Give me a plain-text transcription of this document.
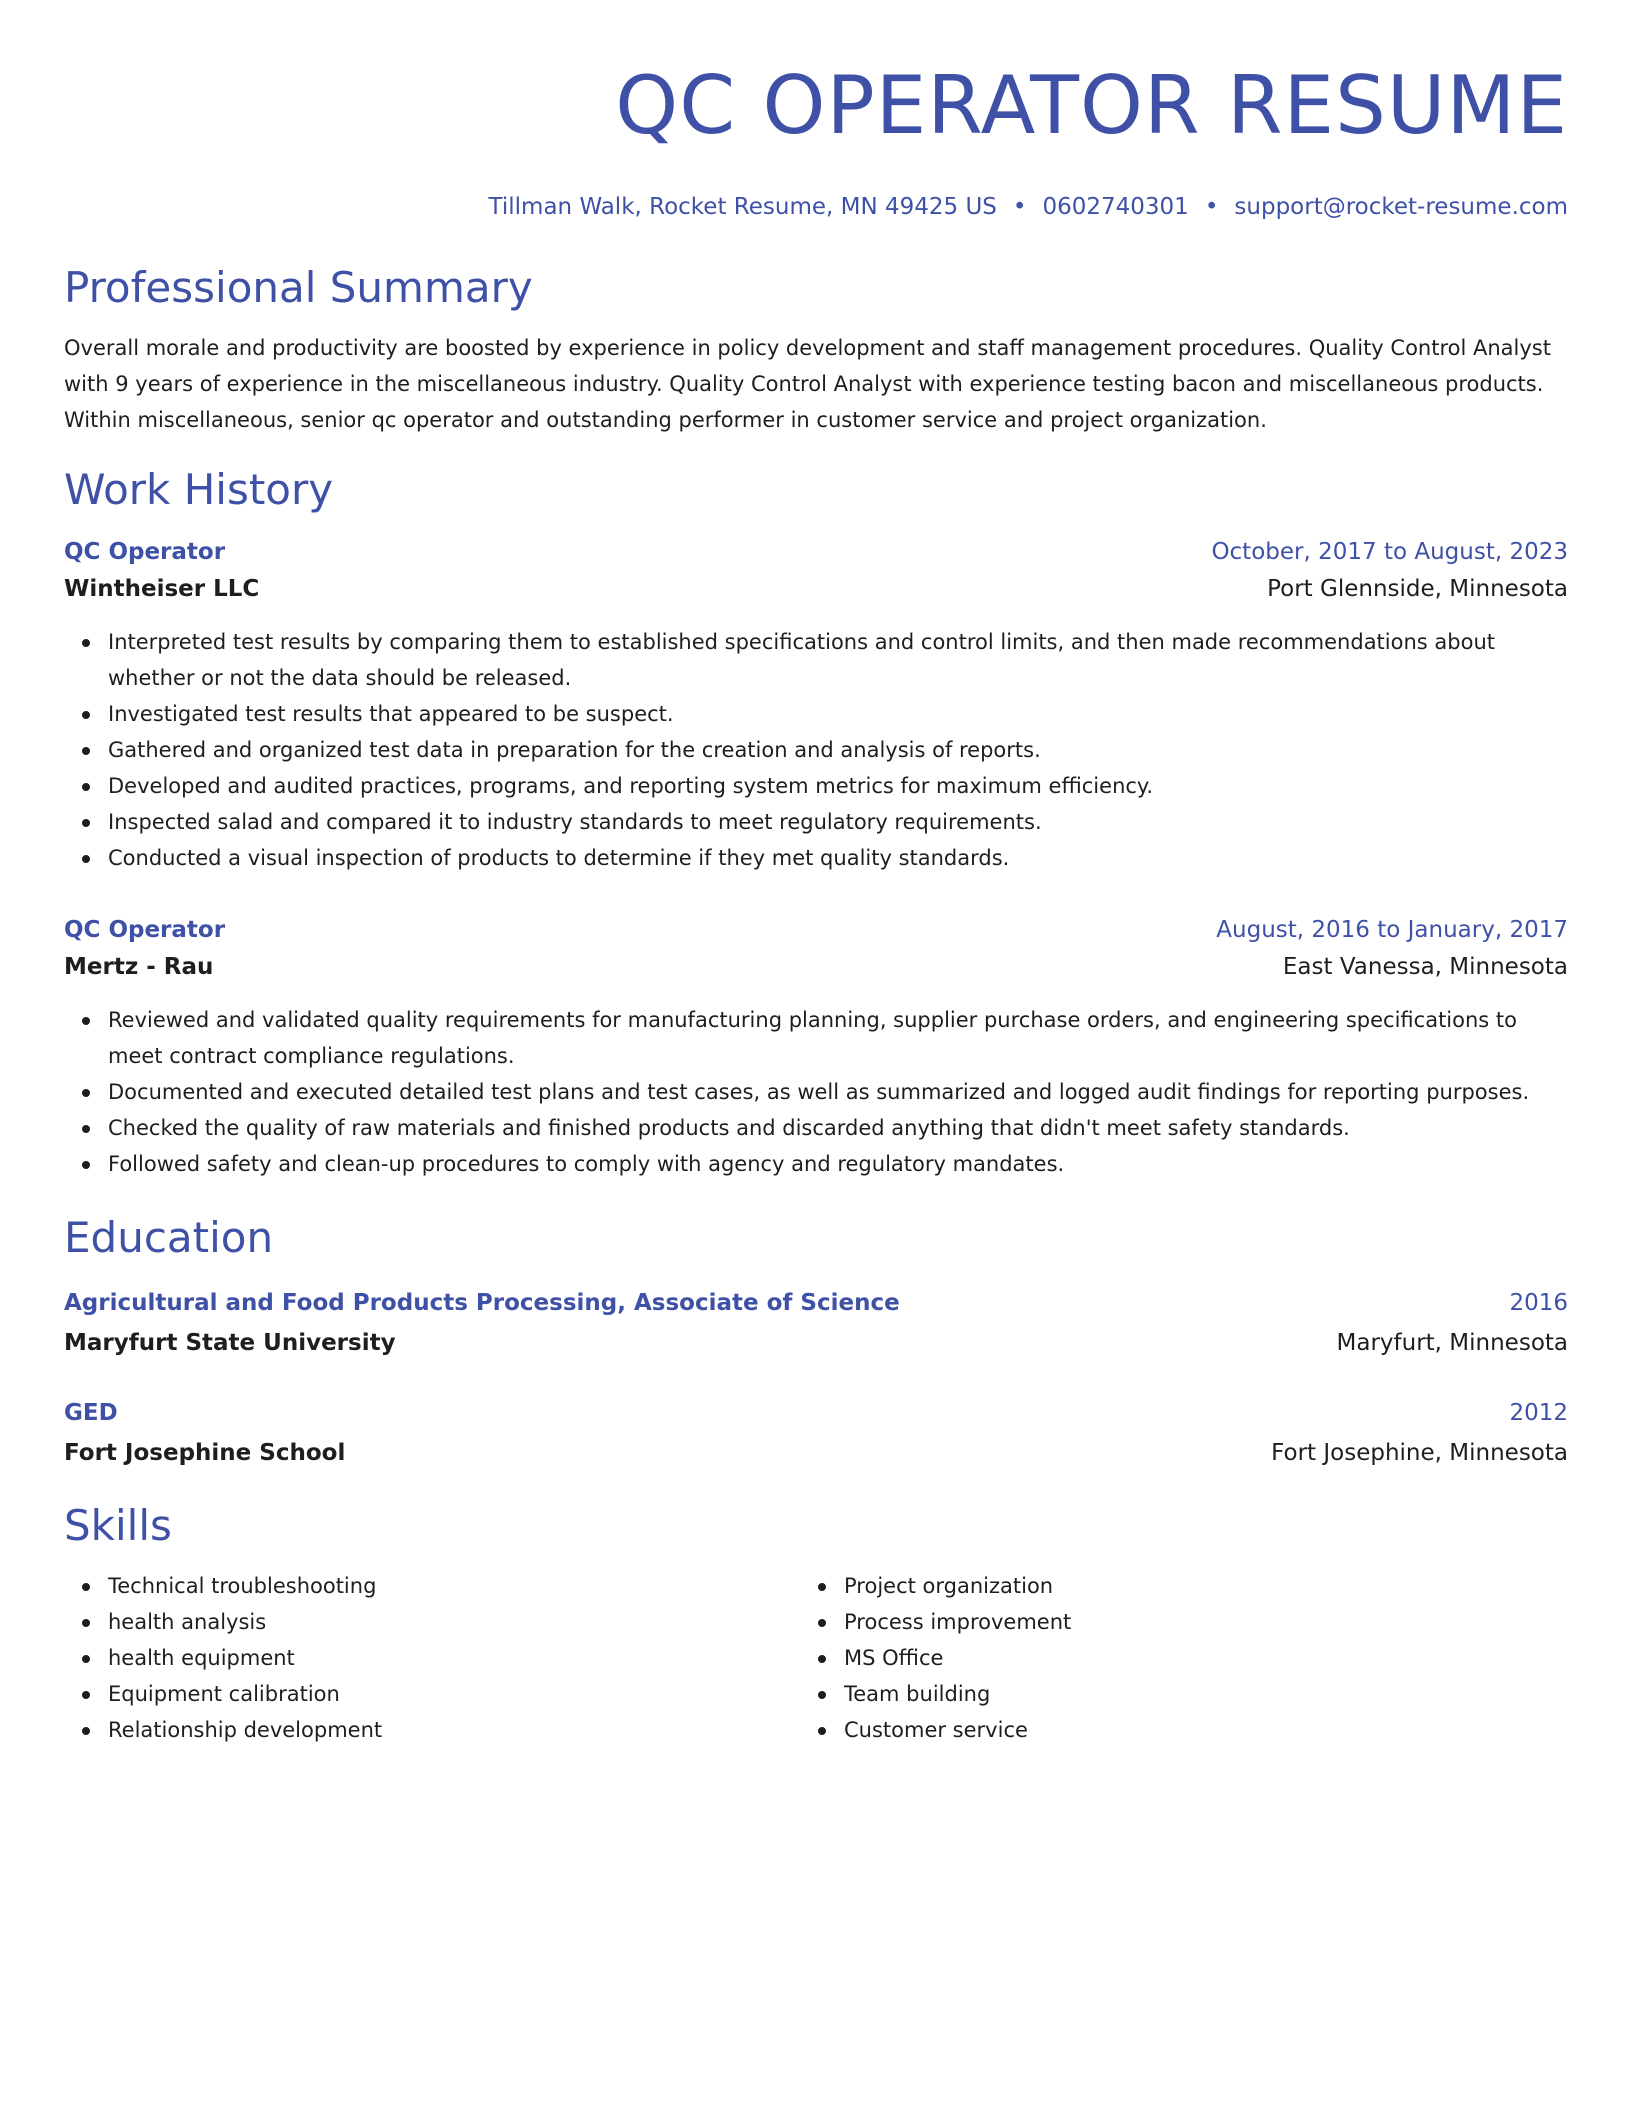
QC OPERATOR RESUME
Tillman Walk, Rocket Resume, MN 49425 US • 0602740301 • support@rocket-resume.com
Professional Summary
Overall morale and productivity are boosted by experience in policy development and staff management procedures. Quality Control Analyst with 9 years of experience in the miscellaneous industry. Quality Control Analyst with experience testing bacon and miscellaneous products. Within miscellaneous, senior qc operator and outstanding performer in customer service and project organization.
Work History
QC Operator	October, 2017 to August, 2023
Wintheiser LLC	Port Glennside, Minnesota
Interpreted test results by comparing them to established specifications and control limits, and then made recommendations about whether or not the data should be released.
Investigated test results that appeared to be suspect.
Gathered and organized test data in preparation for the creation and analysis of reports.
Developed and audited practices, programs, and reporting system metrics for maximum efficiency.
Inspected salad and compared it to industry standards to meet regulatory requirements.
Conducted a visual inspection of products to determine if they met quality standards.
QC Operator	August, 2016 to January, 2017
Mertz - Rau	East Vanessa, Minnesota
Reviewed and validated quality requirements for manufacturing planning, supplier purchase orders, and engineering specifications to meet contract compliance regulations.
Documented and executed detailed test plans and test cases, as well as summarized and logged audit findings for reporting purposes.
Checked the quality of raw materials and finished products and discarded anything that didn't meet safety standards.
Followed safety and clean-up procedures to comply with agency and regulatory mandates.
Education
Agricultural and Food Products Processing, Associate of Science	2016
Maryfurt State University	Maryfurt, Minnesota
GED	2012
Fort Josephine School	Fort Josephine, Minnesota
Skills
Technical troubleshooting
health analysis
health equipment
Equipment calibration
Relationship development
Project organization
Process improvement
MS Office
Team building
Customer service
